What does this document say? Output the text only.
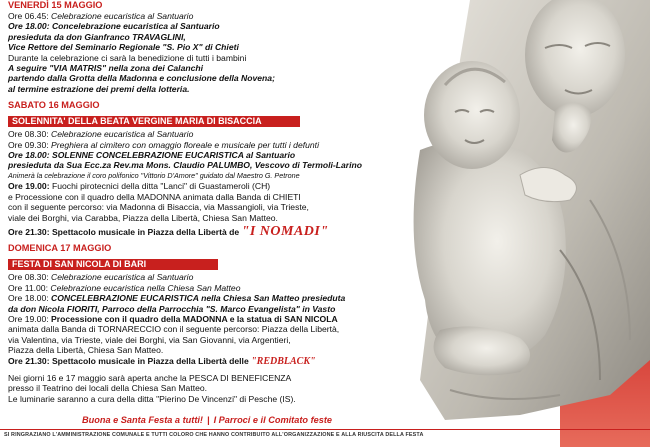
VENERDÌ 15 MAGGIO
Ore 06.45: Celebrazione eucaristica al Santuario
Ore 18.00: Concelebrazione eucaristica al Santuario
presieduta da don Gianfranco TRAVAGLINI,
Vice Rettore del Seminario Regionale "S. Pio X" di Chieti
Durante la celebrazione ci sarà la benedizione di tutti i bambini
A seguire "VIA MATRIS" nella zona dei Calanchi
partendo dalla Grotta della Madonna e conclusione della Novena;
al termine estrazione dei premi della lotteria.
SABATO 16 MAGGIO
SOLENNITA' DELLA BEATA VERGINE MARIA DI BISACCIA
Ore 08.30: Celebrazione eucaristica al Santuario
Ore 09.30: Preghiera al cimitero con omaggio floreale e musicale per tutti i defunti
Ore 18.00: SOLENNE CONCELEBRAZIONE EUCARISTICA al Santuario
presieduta da Sua Ecc.za Rev.ma Mons. Claudio PALUMBO, Vescovo di Termoli-Larino
Animerà la celebrazione il coro polifonico "Vittorio D'Amore" guidato dal Maestro G. Petrone
Ore 19.00: Fuochi pirotecnici della ditta "Lanci" di Guastameroli (CH)
e Processione con il quadro della MADONNA animata dalla Banda di CHIETI
con il seguente percorso: via Madonna di Bisaccia, via Massangioli, via Trieste,
viale dei Borghi, via Carabba, Piazza della Libertà, Chiesa San Matteo.
Ore 21.30: Spettacolo musicale in Piazza della Libertà de "I NOMADI"
DOMENICA 17 MAGGIO
FESTA DI SAN NICOLA DI BARI
Ore 08.30: Celebrazione eucaristica al Santuario
Ore 11.00: Celebrazione eucaristica nella Chiesa San Matteo
Ore 18.00: CONCELEBRAZIONE EUCARISTICA nella Chiesa San Matteo presieduta
da don Nicola FIORITI, Parroco della Parrocchia "S. Marco Evangelista" in Vasto
Ore 19.00: Processione con il quadro della MADONNA e la statua di SAN NICOLA
animata dalla Banda di TORNARECCIO con il seguente percorso: Piazza della Libertà,
via Valentina, via Trieste, viale dei Borghi, via San Giovanni, via Argentieri,
Piazza della Libertà, Chiesa San Matteo.
Ore 21.30: Spettacolo musicale in Piazza della Libertà delle "REDBLACK"
Nei giorni 16 e 17 maggio sarà aperta anche la PESCA DI BENEFICENZA
presso il Teatrino dei locali della Chiesa San Matteo.
Le luminarie saranno a cura della ditta "Pierino De Vincenzi" di Pesche (IS).
Buona e Santa Festa a tutti! | I Parroci e il Comitato feste
SI RINGRAZIANO L'AMMINISTRAZIONE COMUNALE E TUTTI COLORO CHE HANNO CONTRIBUITO ALL'ORGANIZZAZIONE E ALLA RIUSCITA DELLA FESTA
